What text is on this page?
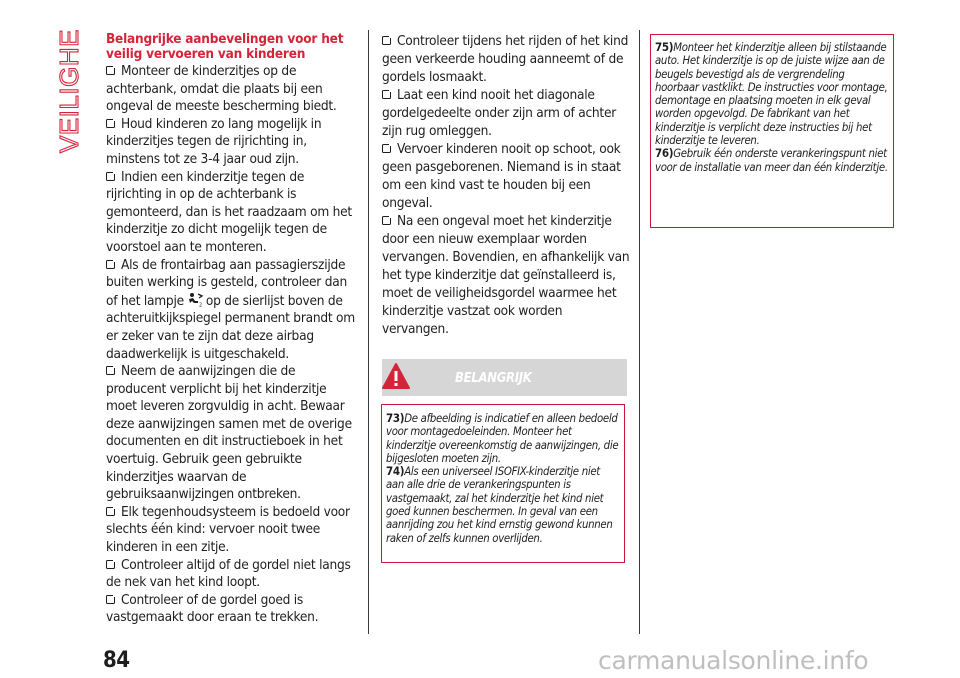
VEILIGHEID Belangrijke aanbevelingen voor het
veilig vervoeren van kinderen
Monteer de kinderzitjes op de achterbank, omdat die plaats bij een ongeval de meeste bescherming biedt.
Houd kinderen zo lang mogelijk in kinderzitjes tegen de rijrichting in, minstens tot ze 3-4 jaar oud zijn.
Indien een kinderzitje tegen de rijrichting in op de achterbank is gemonteerd, dan is het raadzaam om het kinderzitje zo dicht mogelijk tegen de voorstoel aan te monteren.
Als de frontairbag aan passagierszijde buiten werking is gesteld, controleer dan of het lampje	2 op de sierlijst boven de achteruitkijkspiegel permanent brandt om er zeker van te zijn dat deze airbag daadwerkelijk is uitgeschakeld.
Neem de aanwijzingen die de producent verplicht bij het kinderzitje moet leveren zorgvuldig in acht. Bewaar deze aanwijzingen samen met de overige documenten en dit instructieboek in het voertuig. Gebruik geen gebruikte kinderzitjes waarvan de gebruiksaanwijzingen ontbreken.
Elk tegenhoudsysteem is bedoeld voor slechts één kind: vervoer nooit twee kinderen in een zitje.
Controleer altijd of de gordel niet langs de nek van het kind loopt.
Controleer of de gordel goed is vastgemaakt door eraan te trekken.
Controleer tijdens het rijden of het kind geen verkeerde houding aanneemt of de gordels losmaakt.
Laat een kind nooit het diagonale gordelgedeelte onder zijn arm of achter zijn rug omleggen.
Vervoer kinderen nooit op schoot, ook geen pasgeborenen. Niemand is in staat om een kind vast te houden bij een ongeval.
Na een ongeval moet het kinderzitje door een nieuw exemplaar worden vervangen. Bovendien, en afhankelijk van het type kinderzitje dat geïnstalleerd is, moet de veiligheidsgordel waarmee het kinderzitje vastzat ook worden vervangen.
BELANGRIJK

73)De afbeelding is indicatief en alleen bedoeld voor montagedoeleinden. Monteer het kinderzitje overeenkomstig de aanwijzingen, die bijgesloten moeten zijn.

74)Als een universeel ISOFIX-kinderzitje niet aan alle drie de verankeringspunten is vastgemaakt, zal het kinderzitje het kind niet goed kunnen beschermen. In geval van een aanrijding zou het kind ernstig gewond kunnen raken of zelfs kunnen overlijden.

75)Monteer het kinderzitje alleen bij stilstaande auto. Het kinderzitje is op de juiste wijze aan de beugels bevestigd als de vergrendeling hoorbaar vastklikt. De instructies voor montage, demontage en plaatsing moeten in elk geval worden opgevolgd. De fabrikant van het kinderzitje is verplicht deze instructies bij het kinderzitje te leveren.

76)Gebruik één onderste verankeringspunt niet voor de installatie van meer dan één kinderzitje.

84	carmanualsonline.info
